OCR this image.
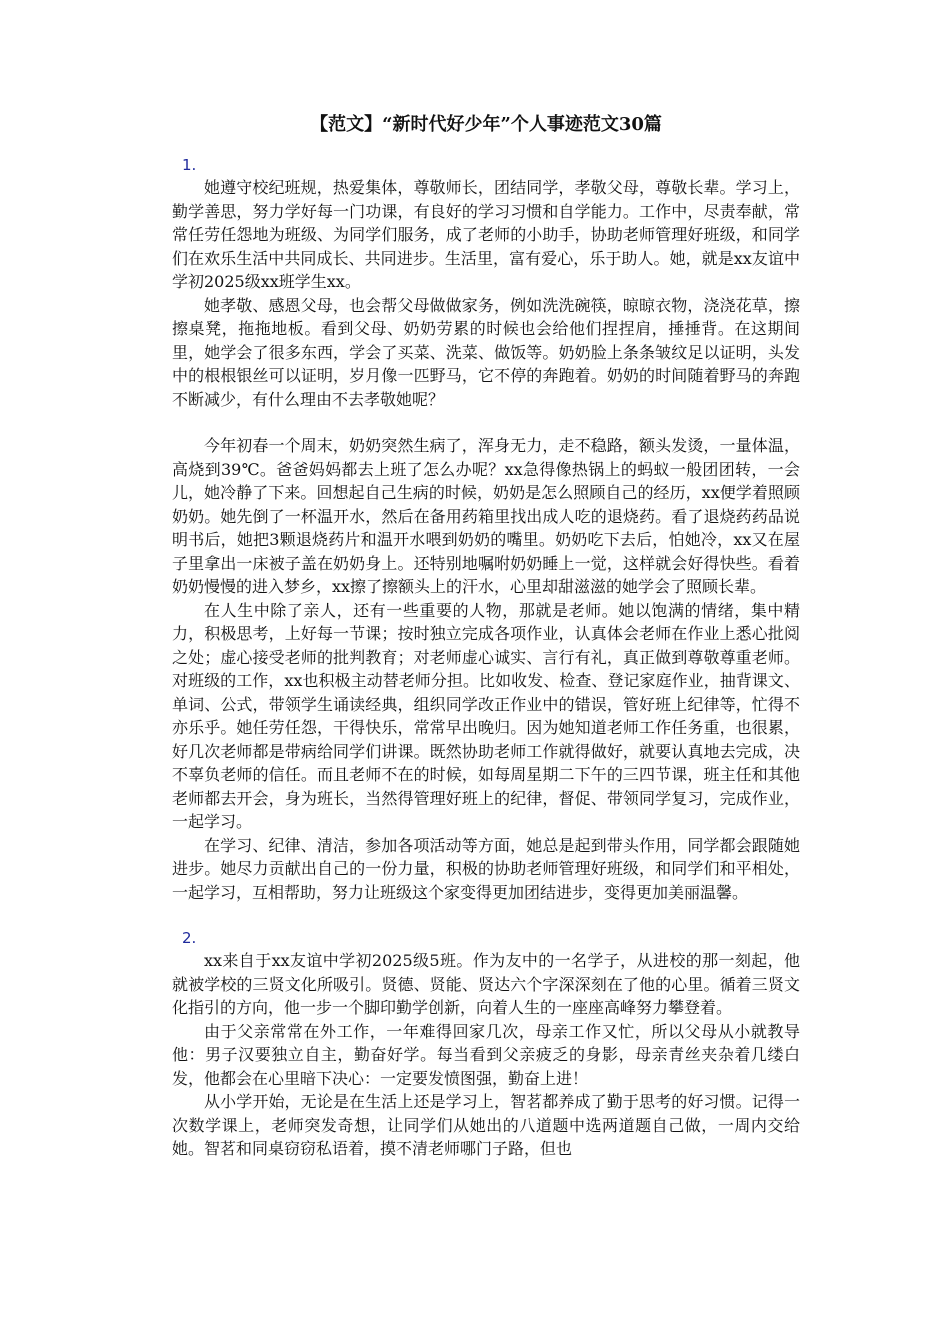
【范文】“新时代好少年”个人事迹范文30篇
1.

她遵守校纪班规，热爱集体，尊敬师长，团结同学，孝敬父母，尊敬长辈。学习上，勤学善思，努力学好每一门功课，有良好的学习习惯和自学能力。工作中，尽责奉献，常常任劳任怨地为班级、为同学们服务，成了老师的小助手，协助老师管理好班级，和同学们在欢乐生活中共同成长、共同进步。生活里，富有爱心，乐于助人。她，就是xx友谊中学初2025级xx班学生xx。

她孝敬、感恩父母，也会帮父母做做家务，例如洗洗碗筷，晾晾衣物，浇浇花草，擦擦桌凳，拖拖地板。看到父母、奶奶劳累的时候也会给他们捏捏肩，捶捶背。在这期间里，她学会了很多东西，学会了买菜、洗菜、做饭等。奶奶脸上条条皱纹足以证明，头发中的根根银丝可以证明，岁月像一匹野马，它不停的奔跑着。奶奶的时间随着野马的奔跑不断减少，有什么理由不去孝敬她呢？

今年初春一个周末，奶奶突然生病了，浑身无力，走不稳路，额头发烫，一量体温，高烧到39℃。爸爸妈妈都去上班了怎么办呢？xx急得像热锅上的蚂蚁一般团团转，一会儿，她冷静了下来。回想起自己生病的时候，奶奶是怎么照顾自己的经历，xx便学着照顾奶奶。她先倒了一杯温开水，然后在备用药箱里找出成人吃的退烧药。看了退烧药药品说明书后，她把3颗退烧药片和温开水喂到奶奶的嘴里。奶奶吃下去后，怕她冷，xx又在屋子里拿出一床被子盖在奶奶身上。还特别地嘱咐奶奶睡上一觉，这样就会好得快些。看着奶奶慢慢的进入梦乡，xx擦了擦额头上的汗水，心里却甜滋滋的她学会了照顾长辈。

在人生中除了亲人，还有一些重要的人物，那就是老师。她以饱满的情绪，集中精力，积极思考，上好每一节课；按时独立完成各项作业，认真体会老师在作业上悉心批阅之处；虚心接受老师的批判教育；对老师虚心诚实、言行有礼，真正做到尊敬尊重老师。对班级的工作，xx也积极主动替老师分担。比如收发、检查、登记家庭作业，抽背课文、单词、公式，带领学生诵读经典，组织同学改正作业中的错误，管好班上纪律等，忙得不亦乐乎。她任劳任怨，干得快乐，常常早出晚归。因为她知道老师工作任务重，也很累，好几次老师都是带病给同学们讲课。既然协助老师工作就得做好，就要认真地去完成，决不辜负老师的信任。而且老师不在的时候，如每周星期二下午的三四节课，班主任和其他老师都去开会，身为班长，当然得管理好班上的纪律，督促、带领同学复习，完成作业，一起学习。

在学习、纪律、清洁，参加各项活动等方面，她总是起到带头作用，同学都会跟随她进步。她尽力贡献出自己的一份力量，积极的协助老师管理好班级，和同学们和平相处，一起学习，互相帮助，努力让班级这个家变得更加团结进步，变得更加美丽温馨。

2.

xx来自于xx友谊中学初2025级5班。作为友中的一名学子，从进校的那一刻起，他就被学校的三贤文化所吸引。贤德、贤能、贤达六个字深深刻在了他的心里。循着三贤文化指引的方向，他一步一个脚印勤学创新，向着人生的一座座高峰努力攀登着。

由于父亲常常在外工作，一年难得回家几次，母亲工作又忙，所以父母从小就教导他：男子汉要独立自主，勤奋好学。每当看到父亲疲乏的身影，母亲青丝夹杂着几缕白发，他都会在心里暗下决心：一定要发愤图强，勤奋上进！

从小学开始，无论是在生活上还是学习上，智茗都养成了勤于思考的好习惯。记得一次数学课上，老师突发奇想，让同学们从她出的八道题中选两道题自己做，一周内交给她。智茗和同桌窃窃私语着，摸不清老师哪门子路，但也
